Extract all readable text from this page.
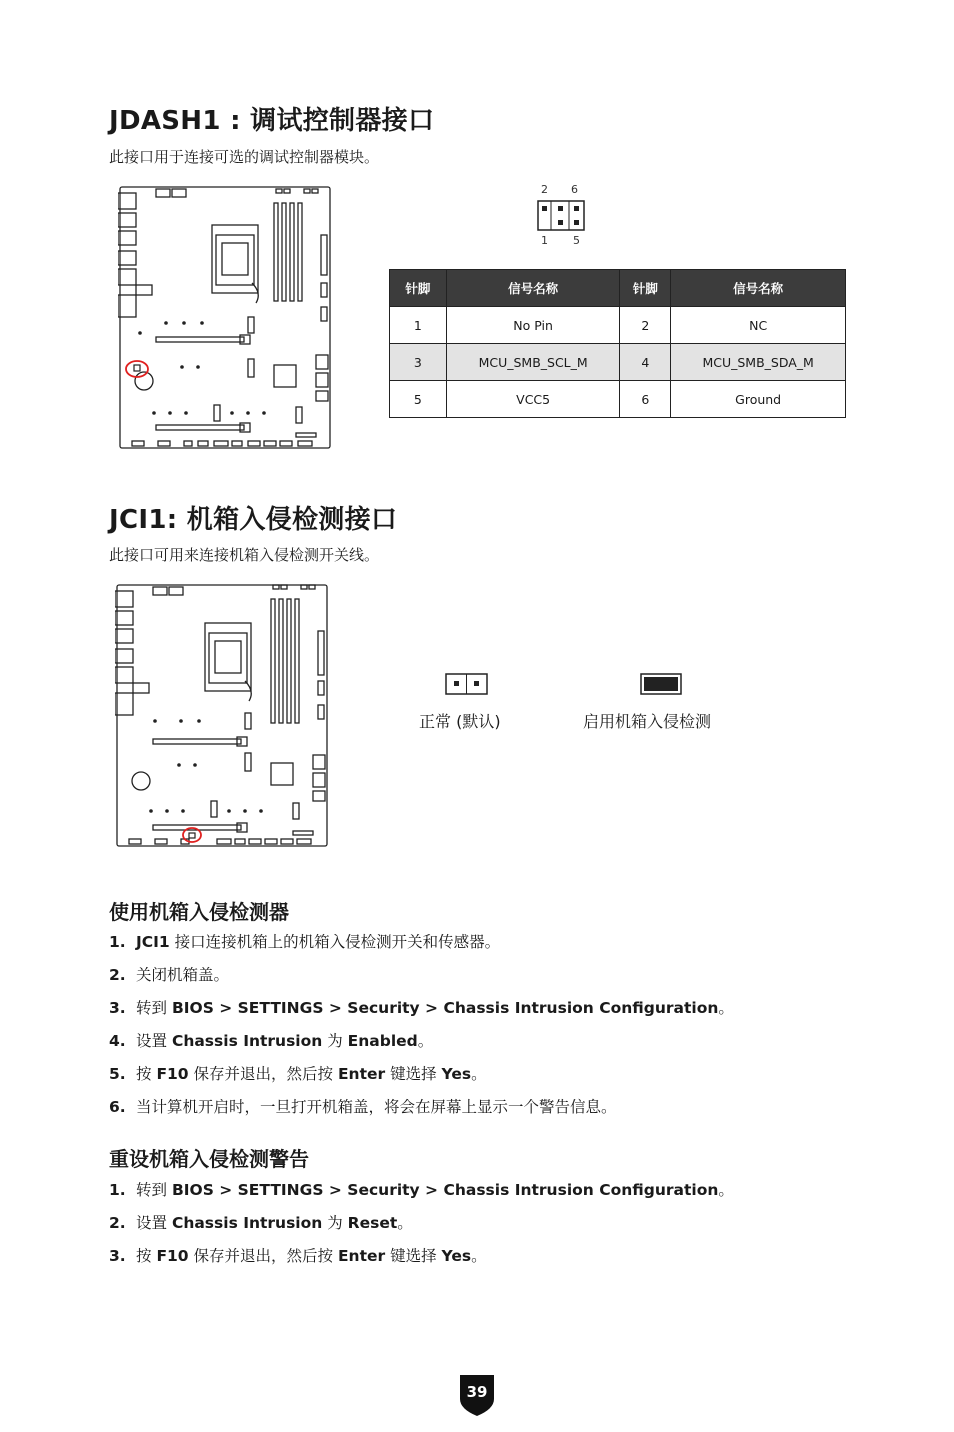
JDASH1 : 调试控制器接口
此接口用于连接可选的调试控制器模块。
2 6
1 5
针脚	信号名称	针脚	信号名称
1	No Pin	2	NC
3	MCU_SMB_SCL_M	4	MCU_SMB_SDA_M
5	VCC5	6	Ground
JCI1: 机箱入侵检测接口
此接口可用来连接机箱入侵检测开关线。
正常 (默认)	启用机箱入侵检测
使用机箱入侵检测器
1. JCI1 接口连接机箱上的机箱入侵检测开关和传感器。
2. 关闭机箱盖。
3. 转到 BIOS > SETTINGS > Security > Chassis Intrusion Configuration。
4. 设置 Chassis Intrusion 为 Enabled。
5. 按 F10 保存并退出，然后按 Enter 键选择 Yes。
6. 当计算机开启时，一旦打开机箱盖，将会在屏幕上显示一个警告信息。
重设机箱入侵检测警告
1. 转到 BIOS > SETTINGS > Security > Chassis Intrusion Configuration。
2. 设置 Chassis Intrusion 为 Reset。
3. 按 F10 保存并退出，然后按 Enter 键选择 Yes。
39
